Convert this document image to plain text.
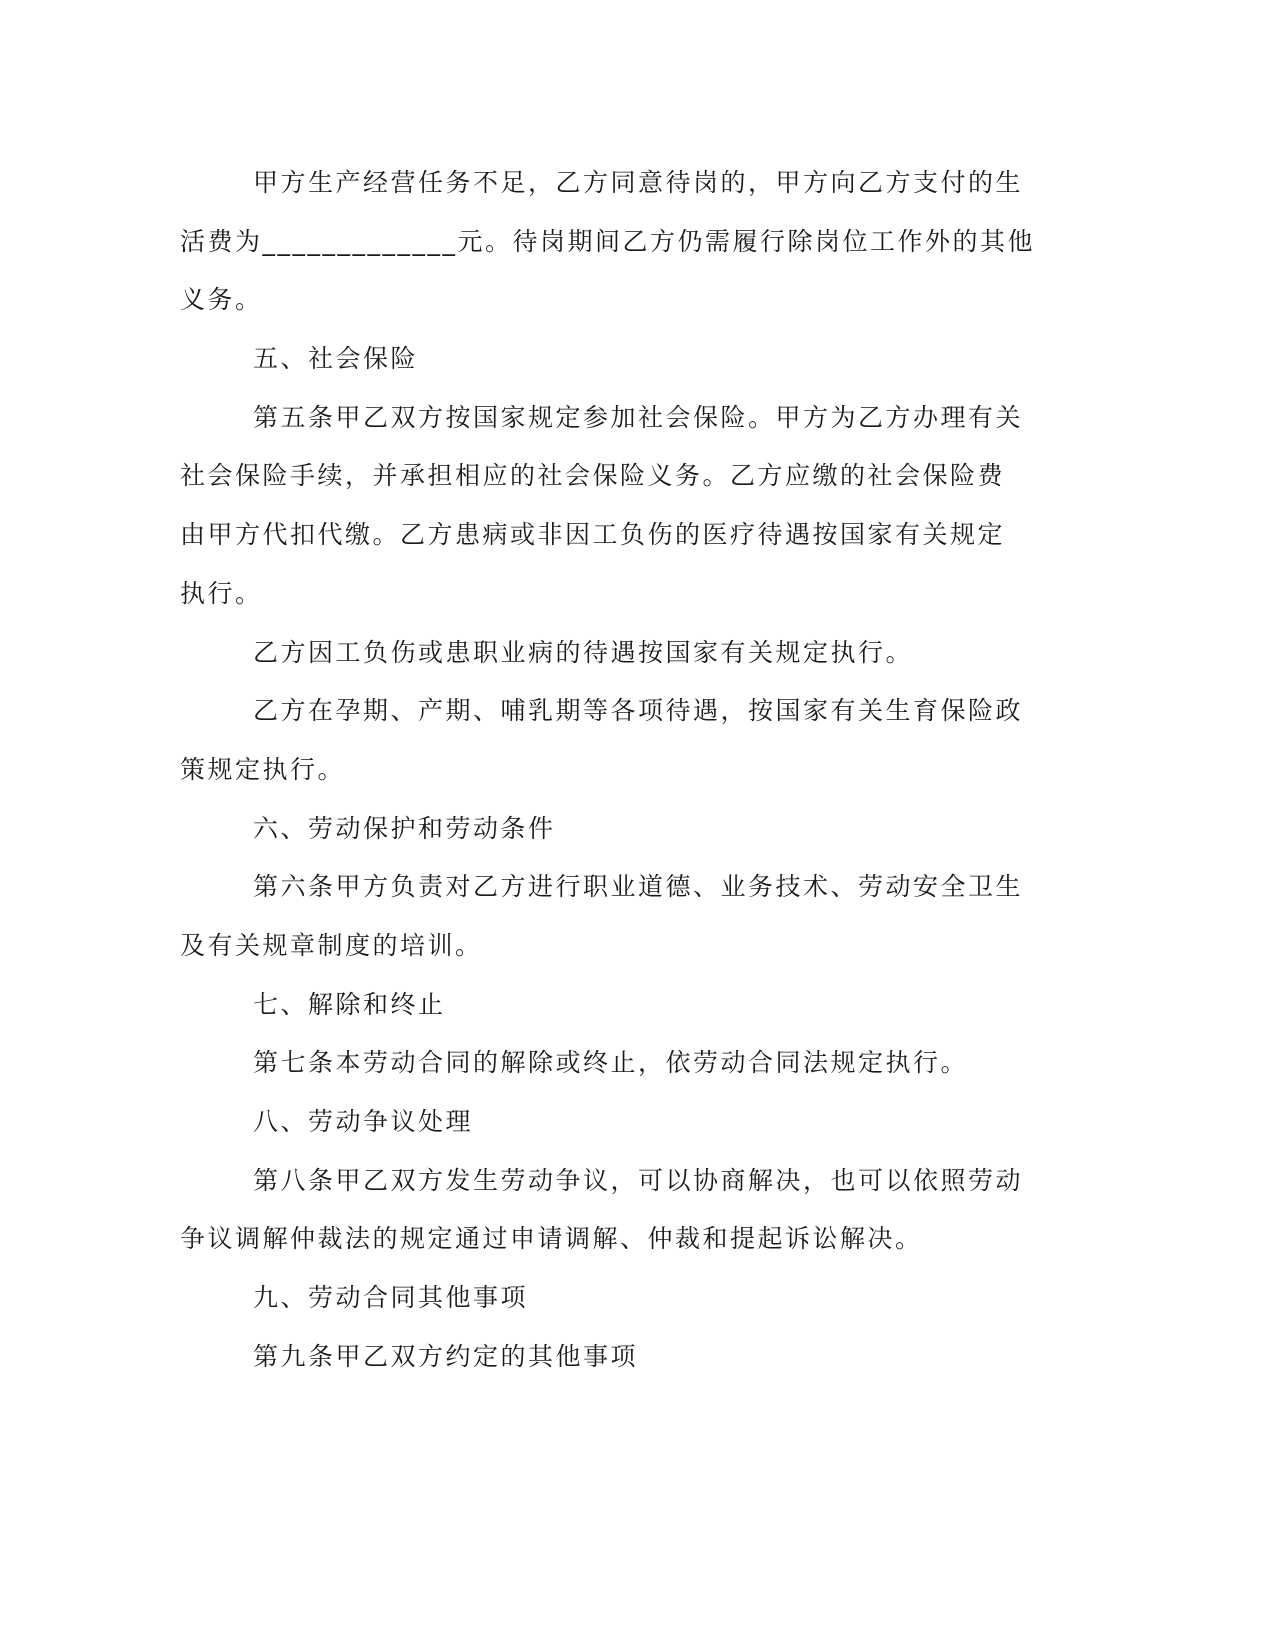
甲方生产经营任务不足，乙方同意待岗的，甲方向乙方支付的生
活费为_____________元。待岗期间乙方仍需履行除岗位工作外的其他
义务。
五、社会保险
第五条甲乙双方按国家规定参加社会保险。甲方为乙方办理有关
社会保险手续，并承担相应的社会保险义务。乙方应缴的社会保险费
由甲方代扣代缴。乙方患病或非因工负伤的医疗待遇按国家有关规定
执行。
乙方因工负伤或患职业病的待遇按国家有关规定执行。
乙方在孕期、产期、哺乳期等各项待遇，按国家有关生育保险政
策规定执行。
六、劳动保护和劳动条件
第六条甲方负责对乙方进行职业道德、业务技术、劳动安全卫生
及有关规章制度的培训。
七、解除和终止
第七条本劳动合同的解除或终止，依劳动合同法规定执行。
八、劳动争议处理
第八条甲乙双方发生劳动争议，可以协商解决，也可以依照劳动
争议调解仲裁法的规定通过申请调解、仲裁和提起诉讼解决。
九、劳动合同其他事项
第九条甲乙双方约定的其他事项
